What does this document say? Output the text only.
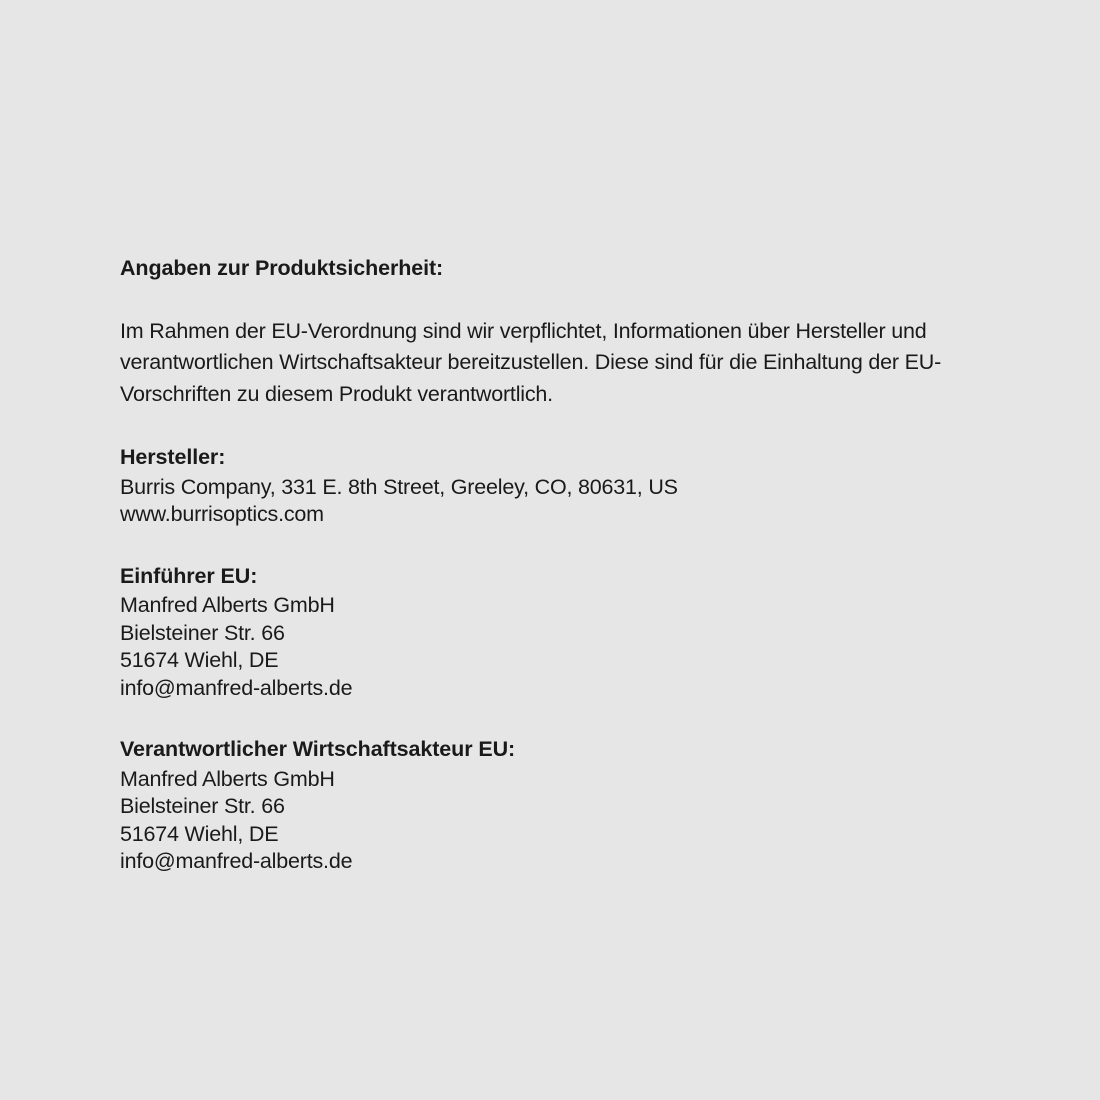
Angaben zur Produktsicherheit:

Im Rahmen der EU-Verordnung sind wir verpflichtet, Informationen über Hersteller und verantwortlichen Wirtschaftsakteur bereitzustellen. Diese sind für die Einhaltung der EU-Vorschriften zu diesem Produkt verantwortlich.

Hersteller:
Burris Company, 331 E. 8th Street, Greeley, CO, 80631, US
www.burrisoptics.com
Einführer EU:
Manfred Alberts GmbH
Bielsteiner Str. 66
51674 Wiehl, DE
info@manfred-alberts.de
Verantwortlicher Wirtschaftsakteur EU:
Manfred Alberts GmbH
Bielsteiner Str. 66
51674 Wiehl, DE
info@manfred-alberts.de
